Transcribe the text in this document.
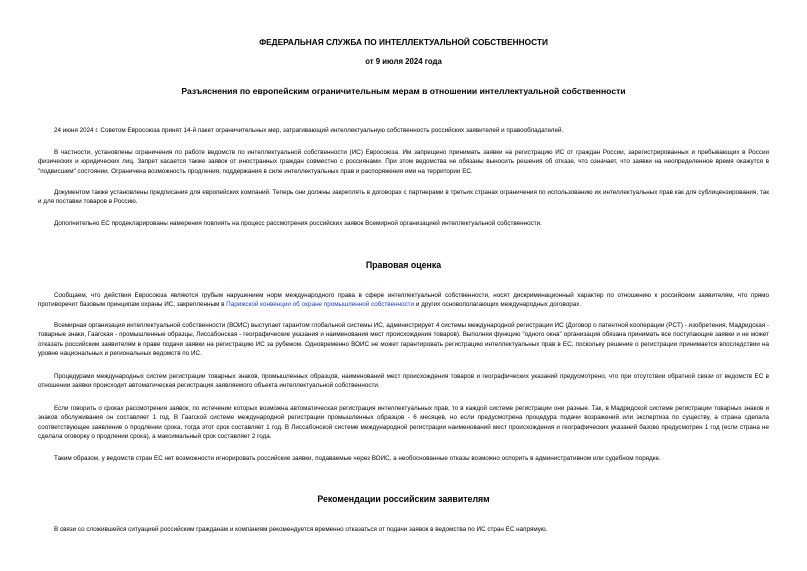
ФЕДЕРАЛЬНАЯ СЛУЖБА ПО ИНТЕЛЛЕКТУАЛЬНОЙ СОБСТВЕННОСТИ
от 9 июля 2024 года
Разъяснения по европейским ограничительным мерам в отношении интеллектуальной собственности

24 июня 2024 г. Советом Евросоюза принят 14-й пакет ограничительных мер, затрагивающий интеллектуальную собственность российских заявителей и правообладателей.

В частности, установлены ограничения по работе ведомств по интеллектуальной собственности (ИС) Евросоюза. Им запрещено принимать заявки на регистрацию ИС от граждан России, зарегистрированных и пребывающих в России физических и юридических лиц. Запрет касается также заявок от иностранных граждан совместно с россиянами. При этом ведомства не обязаны выносить решения об отказе, что означает, что заявки на неопределенное время окажутся в "подвисшем" состоянии. Ограничена возможность продления, поддержания в силе интеллектуальных прав и распоряжения ими на территории ЕС.

Документом также установлены предписания для европейских компаний. Теперь они должны закреплять в договорах с партнерами в третьих странах ограничения по использованию их интеллектуальных прав как для сублицензирования, так и для поставки товаров в Россию.

Дополнительно ЕС продекларированы намерения повлиять на процесс рассмотрения российских заявок Всемирной организацией интеллектуальной собственности.

Правовая оценка

Сообщаем, что действия Евросоюза являются грубым нарушением норм международного права в сфере интеллектуальной собственности, носят дискриминационный характер по отношению к российским заявителям, что прямо противоречит базовым принципам охраны ИС, закрепленным в Парижской конвенции об охране промышленной собственности и других основополагающих международных договорах.

Всемирная организация интеллектуальной собственности (ВОИС) выступает гарантом глобальной системы ИС, администрирует 4 системы международной регистрации ИС (Договор о патентной кооперации (PCT) - изобретения, Мадридская - товарные знаки, Гаагская - промышленные образцы, Лиссабонская - географические указания и наименования мест происхождения товаров). Выполняя функцию "одного окна" организация обязана принимать все поступающие заявки и не может отказать российским заявителям в праве подачи заявки на регистрацию ИС за рубежом. Одновременно ВОИС не может гарантировать регистрацию интеллектуальных прав в ЕС, поскольку решение о регистрации принимается впоследствии на уровне национальных и региональных ведомств по ИС.

Процедурами международных систем регистрации товарных знаков, промышленных образцов, наименований мест происхождения товаров и географических указаний предусмотрено, что при отсутствии обратной связи от ведомств ЕС в отношении заявки происходит автоматическая регистрация заявляемого объекта интеллектуальной собственности.

Если говорить о сроках рассмотрения заявок, по истечении которых возможна автоматическая регистрация интеллектуальных прав, то в каждой системе регистрации они разные. Так, в Мадридской системе регистрации товарных знаков и знаков обслуживания он составляет 1 год. В Гаагской системе международной регистрации промышленных образцов - 6 месяцев, но если предусмотрена процедура подачи возражений или экспертиза по существу, а страна сделала соответствующее заявление о продлении срока, тогда этот срок составляет 1 год. В Лиссабонской системе международной регистрации наименований мест происхождения и географических указаний базово предусмотрен 1 год (если страна не сделала оговорку о продлении срока), а максимальный срок составляет 2 года.

Таким образом, у ведомств стран ЕС нет возможности игнорировать российские заявки, подаваемые через ВОИС, а необоснованные отказы возможно оспорить в административном или судебном порядке.

Рекомендации российским заявителям

В связи со сложившейся ситуацией российским гражданам и компаниям рекомендуется временно отказаться от подачи заявок в ведомства по ИС стран ЕС напрямую.
